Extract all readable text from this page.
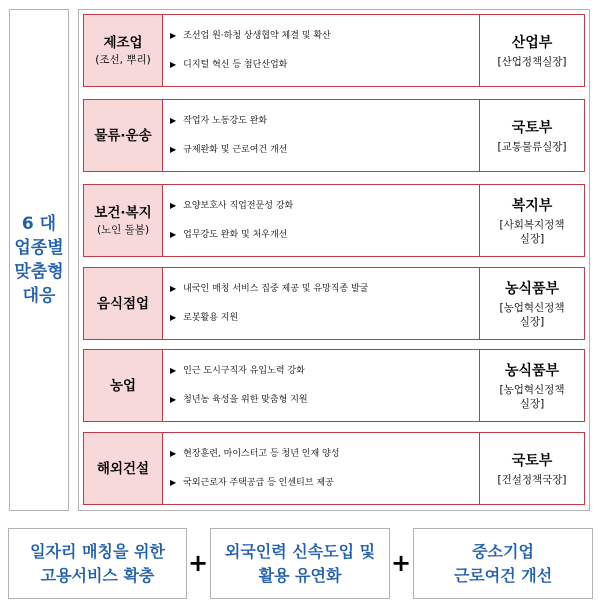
6 대
업종별
맞춤형
대응
제조업
(조선, 뿌리)
▶ 조선업 원·하청 상생협약 체결 및 확산
▶ 디지털 혁신 등 첨단산업화
산업부
[산업정책실장]
물류·운송
▶ 작업자 노동강도 완화
▶ 규제완화 및 근로여건 개선
국토부
[교통물류실장]
보건·복지
(노인 돌봄)
▶ 요양보호사 직업전문성 강화
▶ 업무강도 완화 및 처우개선
복지부
[사회복지정책
실장]
음식점업
▶ 내국인 매칭 서비스 집중 제공 및 유망직종 발굴
▶ 로봇활용 지원
농식품부
[농업혁신정책
실장]
농업
▶ 인근 도시구직자 유입노력 강화
▶ 청년농 육성을 위한 맞춤형 지원
농식품부
[농업혁신정책
실장]
해외건설
▶ 현장훈련, 마이스터고 등 청년 인재 양성
▶ 국외근로자 주택공급 등 인센티브 제공
국토부
[건설정책국장]
일자리 매칭을 위한
고용서비스 확충	+ 외국인력 신속도입 및
활용 유연화	+	중소기업
근로여건 개선
